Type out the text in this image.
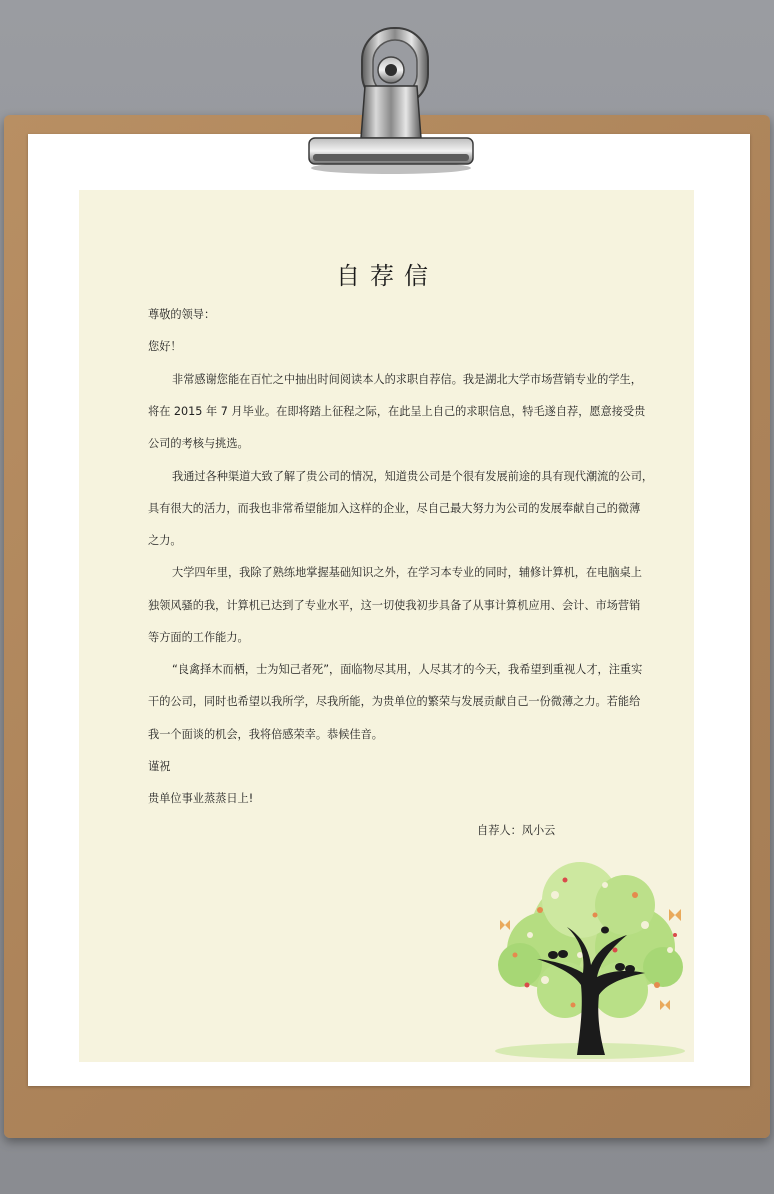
自荐信
尊敬的领导：
您好！
非常感谢您能在百忙之中抽出时间阅读本人的求职自荐信。我是湖北大学市场营销专业的学生，
将在 2015 年 7 月毕业。在即将踏上征程之际，在此呈上自己的求职信息，特毛遂自荐，愿意接受贵
公司的考核与挑选。
我通过各种渠道大致了解了贵公司的情况，知道贵公司是个很有发展前途的具有现代潮流的公司，
具有很大的活力，而我也非常希望能加入这样的企业，尽自己最大努力为公司的发展奉献自己的微薄
之力。
大学四年里，我除了熟练地掌握基础知识之外，在学习本专业的同时，辅修计算机，在电脑桌上
独领风骚的我，计算机已达到了专业水平，这一切使我初步具备了从事计算机应用、会计、市场营销
等方面的工作能力。
“良禽择木而栖，士为知己者死”，面临物尽其用，人尽其才的今天，我希望到重视人才，注重实
干的公司，同时也希望以我所学，尽我所能，为贵单位的繁荣与发展贡献自己一份微薄之力。若能给
我一个面谈的机会，我将倍感荣幸。恭候佳音。
谨祝
贵单位事业蒸蒸日上!
自荐人：风小云
